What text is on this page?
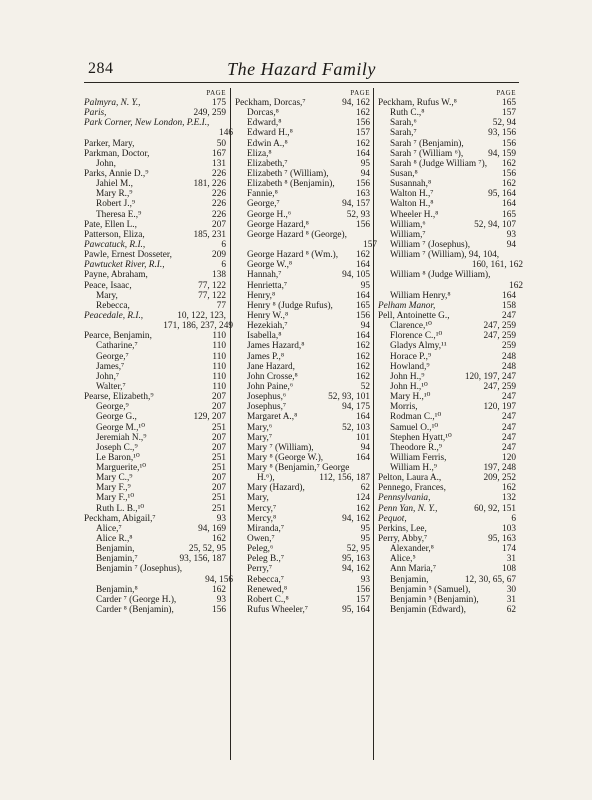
284	The Hazard Family
PAGE
Palmyra, N. Y.,	175
Paris,	249, 259
Park Corner, New London, P.E.I.,
146
Parker, Mary,	50
Parkman, Doctor,	167
John,	131
Parks, Annie D.,⁹	226
Jahiel M.,	181, 226
Mary R.,⁹	226
Robert J.,⁹	226
Theresa E.,⁹	226
Pate, Ellen L.,	207
Patterson, Eliza,	185, 231
Pawcatuck, R.I.,	6
Pawle, Ernest Dosseter,	209
Pawtucket River, R.I.,	6
Payne, Abraham,	138
Peace, Isaac,	77, 122
Mary,	77, 122
Rebecca,	77
Peacedale, R.I.,	10, 122, 123,
171, 186, 237, 249
Pearce, Benjamin,	110
Catharine,⁷	110
George,⁷	110
James,⁷	110
John,⁷	110
Walter,⁷	110
Pearse, Elizabeth,⁹	207
George,⁹	207
George G.,	129, 207
George M.,¹⁰	251
Jeremiah N.,⁹	207
Joseph C.,⁹	207
Le Baron,¹⁰	251
Marguerite,¹⁰	251
Mary C.,⁹	207
Mary F.,⁹	207
Mary F.,¹⁰	251
Ruth L. B.,¹⁰	251
Peckham, Abigail,⁷	93
Alice,⁷	94, 169
Alice R.,⁸	162
Benjamin,	25, 52, 95
Benjamin,⁷	93, 156, 187
Benjamin ⁷ (Josephus),
94, 156
Benjamin,⁸	162
Carder ⁷ (George H.),	93
Carder ⁸ (Benjamin),	156
PAGE
Peckham, Dorcas,⁷	94, 162
Dorcas,⁸	162
Edward,⁸	156
Edward H.,⁸	157
Edwin A.,⁸	162
Eliza,⁸	164
Elizabeth,⁷	95
Elizabeth ⁷ (William),	94
Elizabeth ⁸ (Benjamin),	156
Fannie,⁸	163
George,⁷	94, 157
George H.,⁶	52, 93
George Hazard,⁸	156
George Hazard ⁸ (George),
157
George Hazard ⁸ (Wm.),	162
George W.,⁸	164
Hannah,⁷	94, 105
Henrietta,⁷	95
Henry,⁸	164
Henry ⁸ (Judge Rufus),	165
Henry W.,⁸	156
Hezekiah,⁷	94
Isabella,⁸	164
James Hazard,⁸	162
James P.,⁸	162
Jane Hazard,	162
John Crosse,⁸	162
John Paine,⁶	52
Josephus,⁶	52, 93, 101
Josephus,⁷	94, 175
Margaret A.,⁸	164
Mary,⁶	52, 103
Mary,⁷	101
Mary ⁷ (William),	94
Mary ⁸ (George W.),	164
Mary ⁸ (Benjamin,⁷ George
H.⁶),	112, 156, 187
Mary (Hazard),	62
Mary,	124
Mercy,⁷	162
Mercy,⁸	94, 162
Miranda,⁷	95
Owen,⁷	95
Peleg,⁶	52, 95
Peleg B.,⁷	95, 163
Perry,⁷	94, 162
Rebecca,⁷	93
Renewed,⁸	156
Robert C.,⁸	157
Rufus Wheeler,⁷	95, 164
PAGE
Peckham, Rufus W.,⁸	165
Ruth C.,⁸	157
Sarah,⁶	52, 94
Sarah,⁷	93, 156
Sarah ⁷ (Benjamin),	156
Sarah ⁷ (William ⁶),	94, 159
Sarah ⁸ (Judge William ⁷),	162
Susan,⁸	156
Susannah,⁸	162
Walton H.,⁷	95, 164
Walton H.,⁸	164
Wheeler H.,⁸	165
William,⁶	52, 94, 107
William,⁷	93
William ⁷ (Josephus),	94
William ⁷ (William), 94, 104,
160, 161, 162
William ⁸ (Judge William),
162
William Henry,⁸	164
Pelham Manor,	158
Pell, Antoinette G.,	247
Clarence,¹⁰	247, 259
Florence C.,¹⁰	247, 259
Gladys Almy,¹¹	259
Horace P.,⁹	248
Howland,⁹	248
John H.,⁹	120, 197, 247
John H.,¹⁰	247, 259
Mary H.,¹⁰	247
Morris,	120, 197
Rodman C.,¹⁰	247
Samuel O.,¹⁰	247
Stephen Hyatt,¹⁰	247
Theodore R.,⁹	247
William Ferris,	120
William H.,⁹	197, 248
Pelton, Laura A.,	209, 252
Pennego, Frances,	162
Pennsylvania,	132
Penn Yan, N. Y.,	60, 92, 151
Pequot,	6
Perkins, Lee,	103
Perry, Abby,⁷	95, 163
Alexander,⁸	174
Alice,⁵	31
Ann Maria,⁷	108
Benjamin,	12, 30, 65, 67
Benjamin ⁵ (Samuel),	30
Benjamin ⁵ (Benjamin),	31
Benjamin (Edward),	62
